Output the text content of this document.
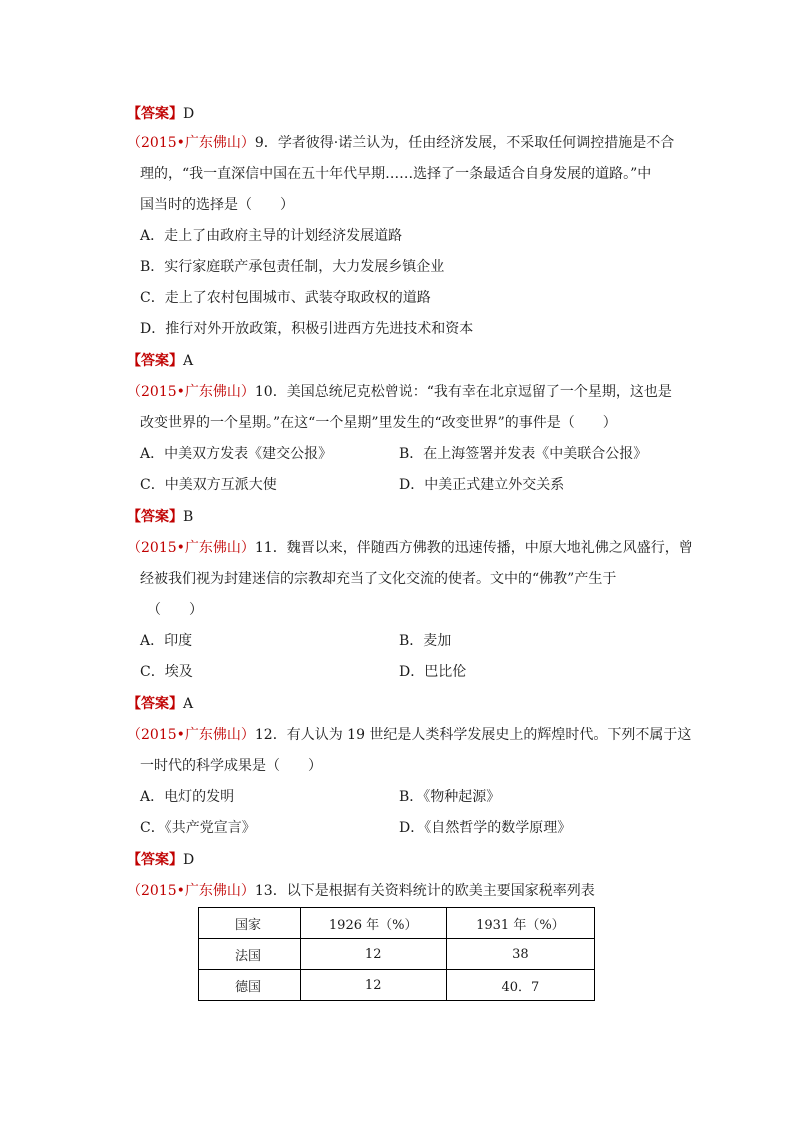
【答案】D
（2015•广东佛山）9．学者彼得·诺兰认为，任由经济发展，不采取任何调控措施是不合
理的，“我一直深信中国在五十年代早期……选择了一条最适合自身发展的道路。”中
国当时的选择是（　　）
A．走上了由政府主导的计划经济发展道路
B．实行家庭联产承包责任制，大力发展乡镇企业
C．走上了农村包围城市、武装夺取政权的道路
D．推行对外开放政策，积极引进西方先进技术和资本
【答案】A
（2015•广东佛山）10．美国总统尼克松曾说：“我有幸在北京逗留了一个星期，这也是
改变世界的一个星期。”在这“一个星期”里发生的“改变世界”的事件是（　　）
A．中美双方发表《建交公报》	B．在上海签署并发表《中美联合公报》
C．中美双方互派大使	D．中美正式建立外交关系
【答案】B
（2015•广东佛山）11．魏晋以来，伴随西方佛教的迅速传播，中原大地礼佛之风盛行，曾
经被我们视为封建迷信的宗教却充当了文化交流的使者。文中的“佛教”产生于
（　　）
A．印度	B．麦加
C．埃及	D．巴比伦
【答案】A
（2015•广东佛山）12．有人认为 19 世纪是人类科学发展史上的辉煌时代。下列不属于这
一时代的科学成果是（　　）
A．电灯的发明	B．《物种起源》
C．《共产党宣言》	D．《自然哲学的数学原理》
【答案】D
（2015•广东佛山）13．以下是根据有关资料统计的欧美主要国家税率列表
国家	1926 年（%）	1931 年（%）
法国	12	38
德国	12	40．7
